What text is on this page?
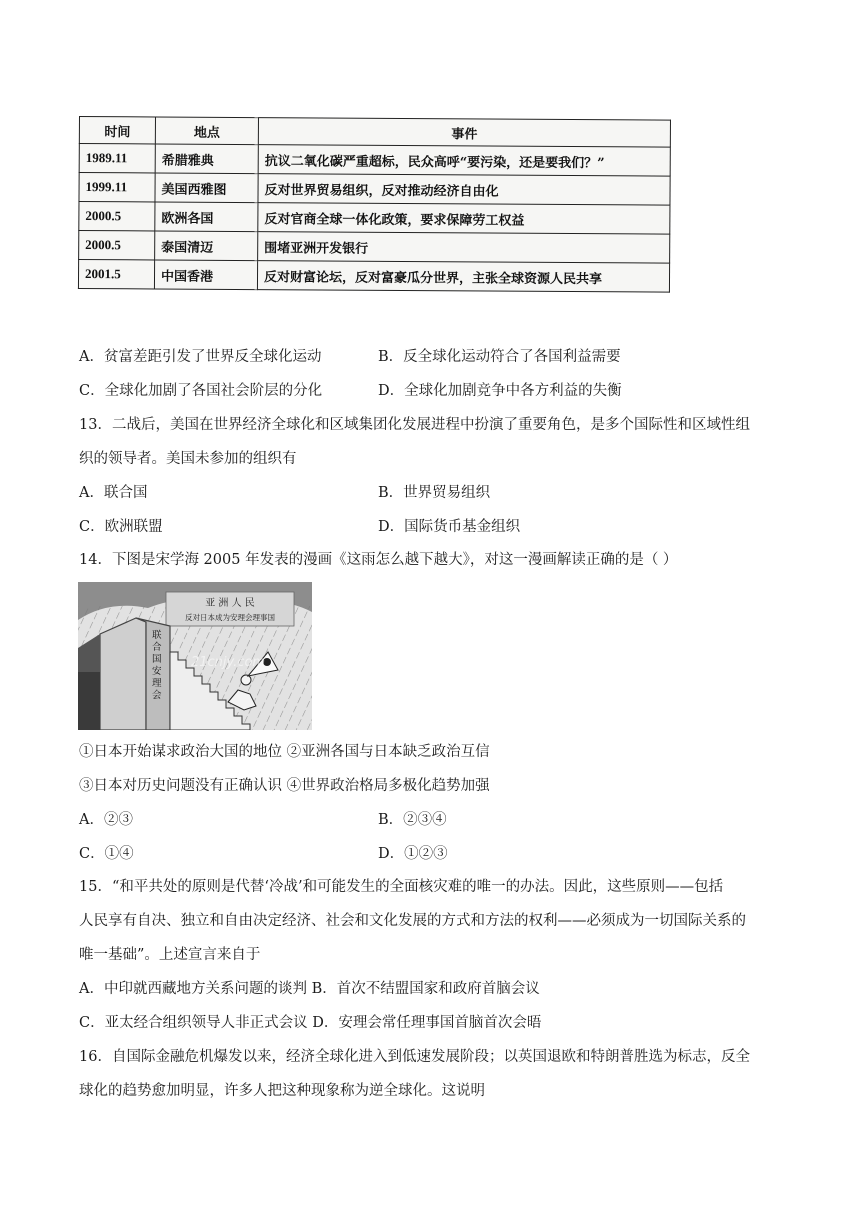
时间	地点	事件
1989.11	希腊雅典	抗议二氧化碳严重超标，民众高呼“要污染，还是要我们？”
1999.11	美国西雅图	反对世界贸易组织，反对推动经济自由化
2000.5	欧洲各国	反对官商全球一体化政策，要求保障劳工权益
2000.5	泰国清迈	围堵亚洲开发银行
2001.5	中国香港	反对财富论坛，反对富豪瓜分世界，主张全球资源人民共享
A．贫富差距引发了世界反全球化运动	B．反全球化运动符合了各国利益需要
C．全球化加剧了各国社会阶层的分化	D．全球化加剧竞争中各方利益的失衡
13．二战后，美国在世界经济全球化和区域集团化发展进程中扮演了重要角色，是多个国际性和区域性组
织的领导者。美国未参加的组织有
A．联合国	B．世界贸易组织
C．欧洲联盟	D．国际货币基金组织
14．下图是宋学海 2005 年发表的漫画《这雨怎么越下越大》，对这一漫画解读正确的是（ ）
亚 洲 人 民
反对日本成为安理会理事国
联 合 国 安 理 会
21cnjy.com
①日本开始谋求政治大国的地位 ②亚洲各国与日本缺乏政治互信
③日本对历史问题没有正确认识 ④世界政治格局多极化趋势加强
A．②③	B．②③④
C．①④	D．①②③
15．“和平共处的原则是代替‘冷战’和可能发生的全面核灾难的唯一的办法。因此，这些原则——包括
人民享有自决、独立和自由决定经济、社会和文化发展的方式和方法的权利——必须成为一切国际关系的
唯一基础”。上述宣言来自于
A．中印就西藏地方关系问题的谈判 B．首次不结盟国家和政府首脑会议
C．亚太经合组织领导人非正式会议 D．安理会常任理事国首脑首次会晤
16．自国际金融危机爆发以来，经济全球化进入到低速发展阶段；以英国退欧和特朗普胜选为标志，反全
球化的趋势愈加明显，许多人把这种现象称为逆全球化。这说明
